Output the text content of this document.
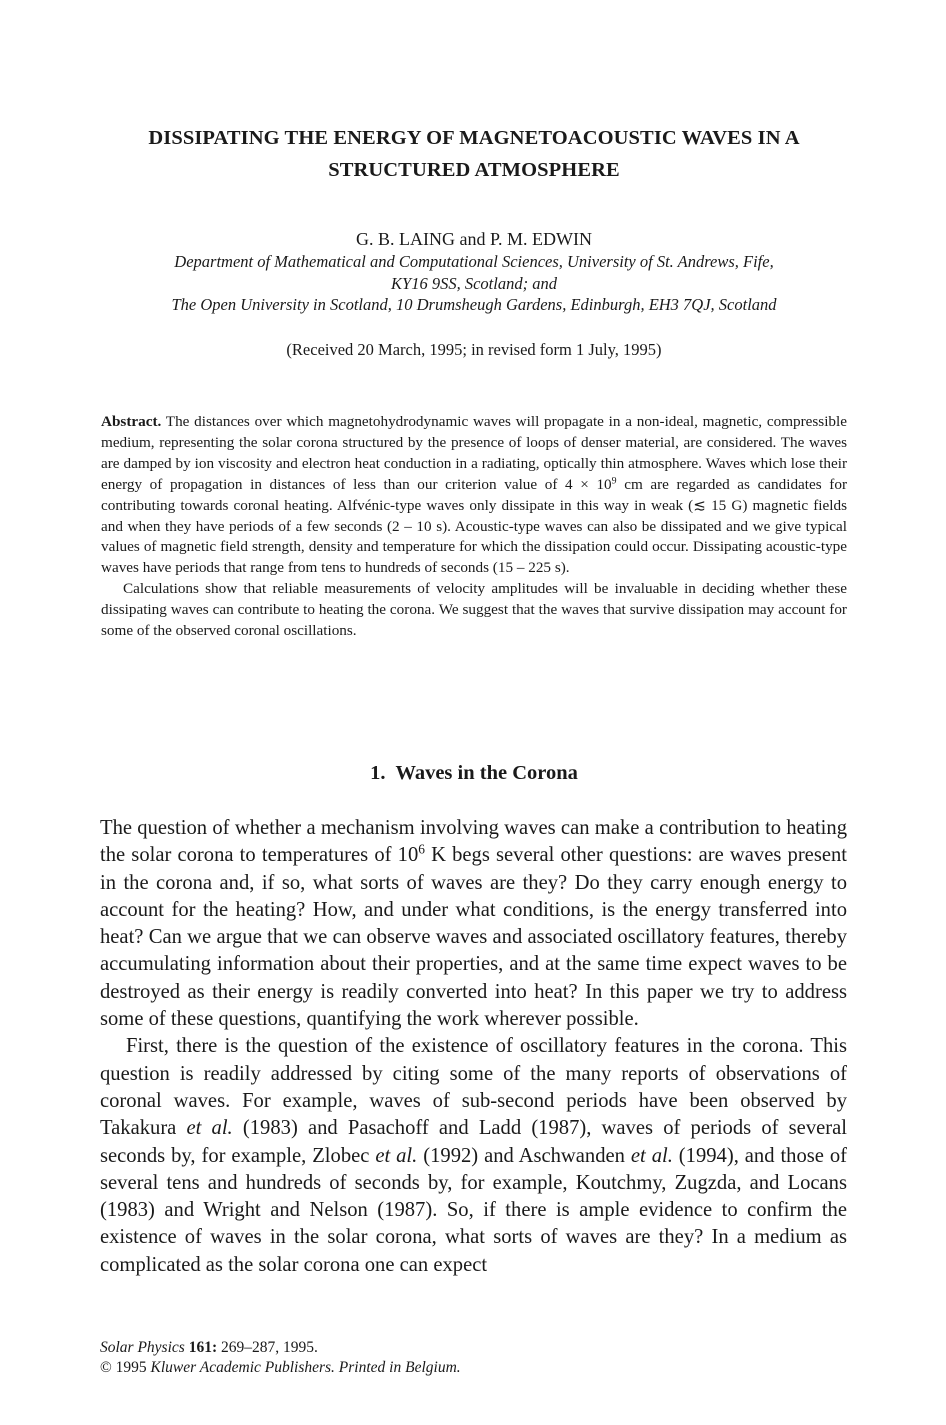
DISSIPATING THE ENERGY OF MAGNETOACOUSTIC WAVES IN A
STRUCTURED ATMOSPHERE
G. B. LAING and P. M. EDWIN
Department of Mathematical and Computational Sciences, University of St. Andrews, Fife,
KY16 9SS, Scotland; and
The Open University in Scotland, 10 Drumsheugh Gardens, Edinburgh, EH3 7QJ, Scotland
(Received 20 March, 1995; in revised form 1 July, 1995)

Abstract. The distances over which magnetohydrodynamic waves will propagate in a non-ideal, magnetic, compressible medium, representing the solar corona structured by the presence of loops of denser material, are considered. The waves are damped by ion viscosity and electron heat conduction in a radiating, optically thin atmosphere. Waves which lose their energy of propagation in distances of less than our criterion value of $4 \times 10^9$ cm are regarded as candidates for contributing towards coronal heating. Alfvénic-type waves only dissipate in this way in weak (≲ 15 G) magnetic fields and when they have periods of a few seconds (2 – 10 s). Acoustic-type waves can also be dissipated and we give typical values of magnetic field strength, density and temperature for which the dissipation could occur. Dissipating acoustic-type waves have periods that range from tens to hundreds of seconds (15 – 225 s).

Calculations show that reliable measurements of velocity amplitudes will be invaluable in deciding whether these dissipating waves can contribute to heating the corona. We suggest that the waves that survive dissipation may account for some of the observed coronal oscillations.

1. Waves in the Corona

The question of whether a mechanism involving waves can make a contribution to heating the solar corona to temperatures of $10^6$ K begs several other questions: are waves present in the corona and, if so, what sorts of waves are they? Do they carry enough energy to account for the heating? How, and under what conditions, is the energy transferred into heat? Can we argue that we can observe waves and associated oscillatory features, thereby accumulating information about their properties, and at the same time expect waves to be destroyed as their energy is readily converted into heat? In this paper we try to address some of these questions, quantifying the work wherever possible.

First, there is the question of the existence of oscillatory features in the corona. This question is readily addressed by citing some of the many reports of observations of coronal waves. For example, waves of sub-second periods have been observed by Takakura et al. (1983) and Pasachoff and Ladd (1987), waves of periods of several seconds by, for example, Zlobec et al. (1992) and Aschwanden et al. (1994), and those of several tens and hundreds of seconds by, for example, Koutchmy, Zugzda, and Locans (1983) and Wright and Nelson (1987). So, if there is ample evidence to confirm the existence of waves in the solar corona, what sorts of waves are they? In a medium as complicated as the solar corona one can expect

Solar Physics 161: 269–287, 1995.
© 1995 Kluwer Academic Publishers. Printed in Belgium.
